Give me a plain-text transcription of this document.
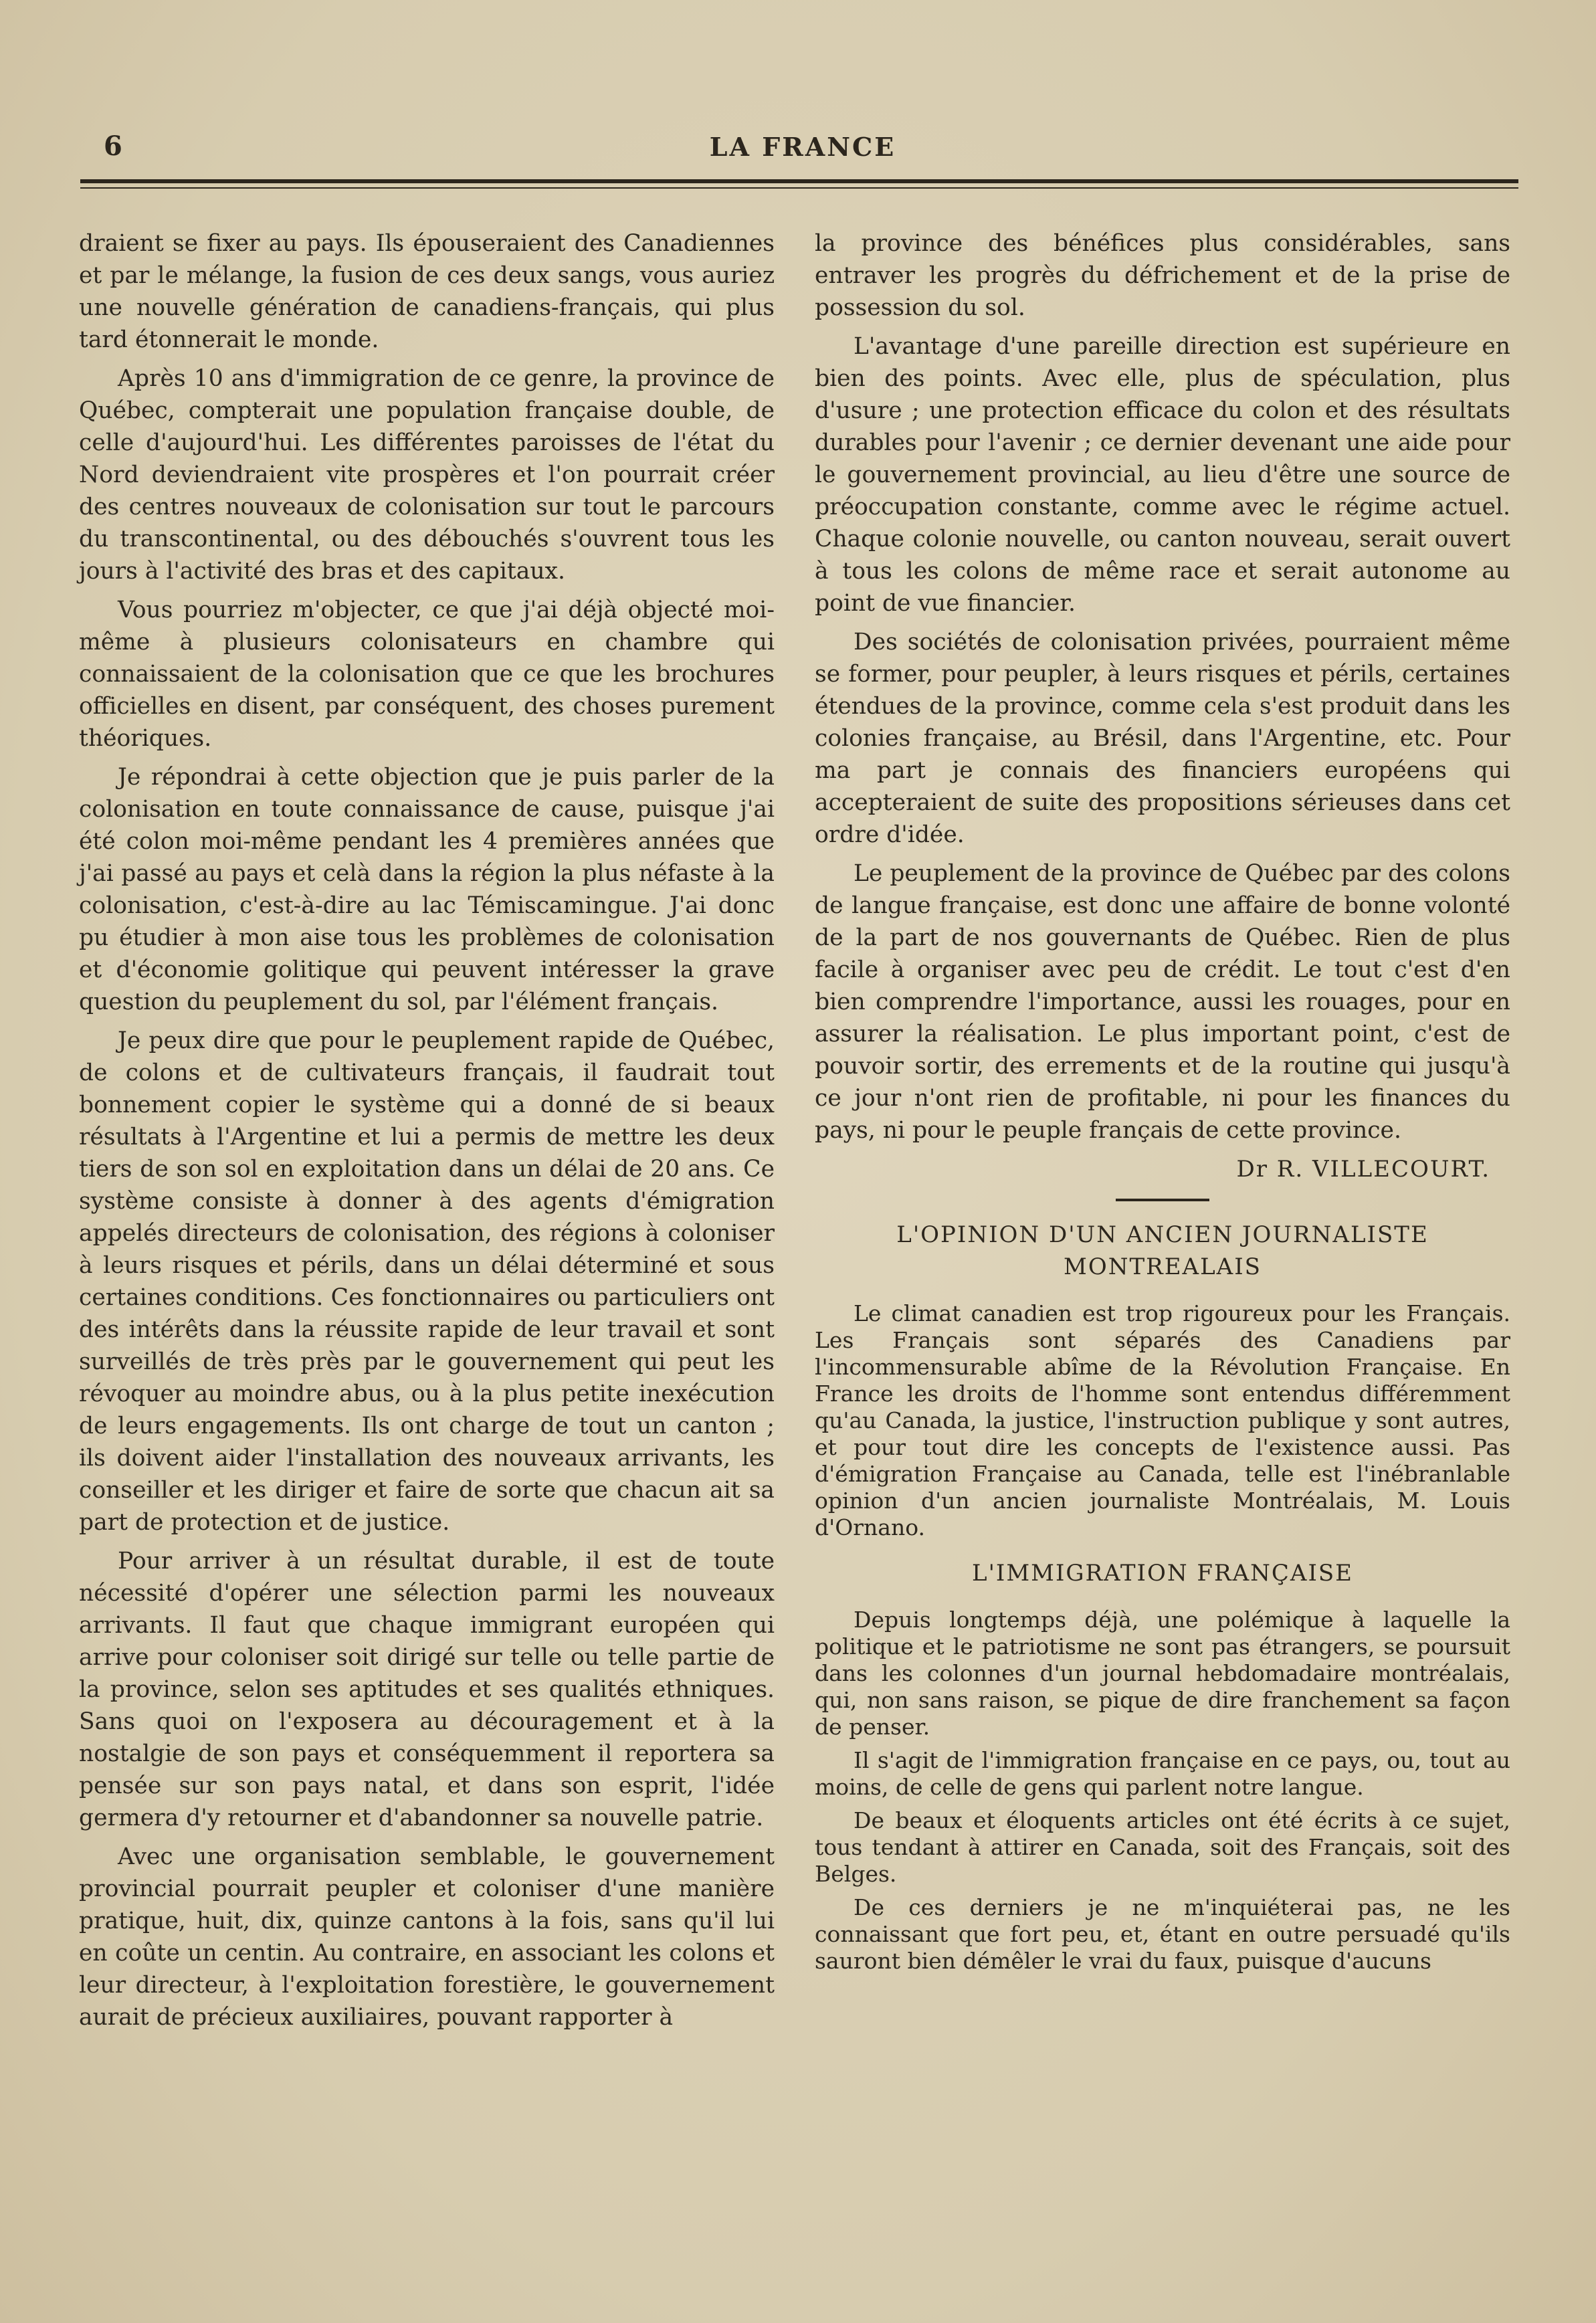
6	LA FRANCE

draient se fixer au pays. Ils épouseraient des Canadiennes et par le mélange, la fusion de ces deux sangs, vous auriez une nouvelle génération de canadiens-français, qui plus tard étonnerait le monde.

Après 10 ans d'immigration de ce genre, la province de Québec, compterait une population française double, de celle d'aujourd'hui. Les différentes paroisses de l'état du Nord deviendraient vite prospères et l'on pourrait créer des centres nouveaux de colonisation sur tout le parcours du transcontinental, ou des débouchés s'ouvrent tous les jours à l'activité des bras et des capitaux.

Vous pourriez m'objecter, ce que j'ai déjà objecté moi-même à plusieurs colonisateurs en chambre qui connaissaient de la colonisation que ce que les brochures officielles en disent, par conséquent, des choses purement théoriques.

Je répondrai à cette objection que je puis parler de la colonisation en toute connaissance de cause, puisque j'ai été colon moi-même pendant les 4 premières années que j'ai passé au pays et celà dans la région la plus néfaste à la colonisation, c'est-à-dire au lac Témiscamingue. J'ai donc pu étudier à mon aise tous les problèmes de colonisation et d'économie golitique qui peuvent intéresser la grave question du peuplement du sol, par l'élément français.

Je peux dire que pour le peuplement rapide de Québec, de colons et de cultivateurs français, il faudrait tout bonnement copier le système qui a donné de si beaux résultats à l'Argentine et lui a permis de mettre les deux tiers de son sol en exploitation dans un délai de 20 ans. Ce système consiste à donner à des agents d'émigration appelés directeurs de colonisation, des régions à coloniser à leurs risques et périls, dans un délai déterminé et sous certaines conditions. Ces fonctionnaires ou particuliers ont des intérêts dans la réussite rapide de leur travail et sont surveillés de très près par le gouvernement qui peut les révoquer au moindre abus, ou à la plus petite inexécution de leurs engagements. Ils ont charge de tout un canton ; ils doivent aider l'installation des nouveaux arrivants, les conseiller et les diriger et faire de sorte que chacun ait sa part de protection et de justice.

Pour arriver à un résultat durable, il est de toute nécessité d'opérer une sélection parmi les nouveaux arrivants. Il faut que chaque immigrant européen qui arrive pour coloniser soit dirigé sur telle ou telle partie de la province, selon ses aptitudes et ses qualités ethniques. Sans quoi on l'exposera au découragement et à la nostalgie de son pays et conséquemment il reportera sa pensée sur son pays natal, et dans son esprit, l'idée germera d'y retourner et d'abandonner sa nouvelle patrie.

Avec une organisation semblable, le gouvernement provincial pourrait peupler et coloniser d'une manière pratique, huit, dix, quinze cantons à la fois, sans qu'il lui en coûte un centin. Au contraire, en associant les colons et leur directeur, à l'exploitation forestière, le gouvernement aurait de précieux auxiliaires, pouvant rapporter à

la province des bénéfices plus considérables, sans entraver les progrès du défrichement et de la prise de possession du sol.

L'avantage d'une pareille direction est supérieure en bien des points. Avec elle, plus de spéculation, plus d'usure ; une protection efficace du colon et des résultats durables pour l'avenir ; ce dernier devenant une aide pour le gouvernement provincial, au lieu d'être une source de préoccupation constante, comme avec le régime actuel. Chaque colonie nouvelle, ou canton nouveau, serait ouvert à tous les colons de même race et serait autonome au point de vue financier.

Des sociétés de colonisation privées, pourraient même se former, pour peupler, à leurs risques et périls, certaines étendues de la province, comme cela s'est produit dans les colonies française, au Brésil, dans l'Argentine, etc. Pour ma part je connais des financiers européens qui accepteraient de suite des propositions sérieuses dans cet ordre d'idée.

Le peuplement de la province de Québec par des colons de langue française, est donc une affaire de bonne volonté de la part de nos gouvernants de Québec. Rien de plus facile à organiser avec peu de crédit. Le tout c'est d'en bien comprendre l'importance, aussi les rouages, pour en assurer la réalisation. Le plus important point, c'est de pouvoir sortir, des errements et de la routine qui jusqu'à ce jour n'ont rien de profitable, ni pour les finances du pays, ni pour le peuple français de cette province.

Dr R. VILLECOURT.
L'OPINION D'UN ANCIEN JOURNALISTE MONTREALAIS

Le climat canadien est trop rigoureux pour les Français. Les Français sont séparés des Canadiens par l'incommensurable abîme de la Révolution Française. En France les droits de l'homme sont entendus différemment qu'au Canada, la justice, l'instruction publique y sont autres, et pour tout dire les concepts de l'existence aussi. Pas d'émigration Française au Canada, telle est l'inébranlable opinion d'un ancien journaliste Montréalais, M. Louis d'Ornano.

L'IMMIGRATION FRANÇAISE

Depuis longtemps déjà, une polémique à laquelle la politique et le patriotisme ne sont pas étrangers, se poursuit dans les colonnes d'un journal hebdomadaire montréalais, qui, non sans raison, se pique de dire franchement sa façon de penser.

Il s'agit de l'immigration française en ce pays, ou, tout au moins, de celle de gens qui parlent notre langue.

De beaux et éloquents articles ont été écrits à ce sujet, tous tendant à attirer en Canada, soit des Français, soit des Belges.

De ces derniers je ne m'inquiéterai pas, ne les connaissant que fort peu, et, étant en outre persuadé qu'ils sauront bien démêler le vrai du faux, puisque d'aucuns
